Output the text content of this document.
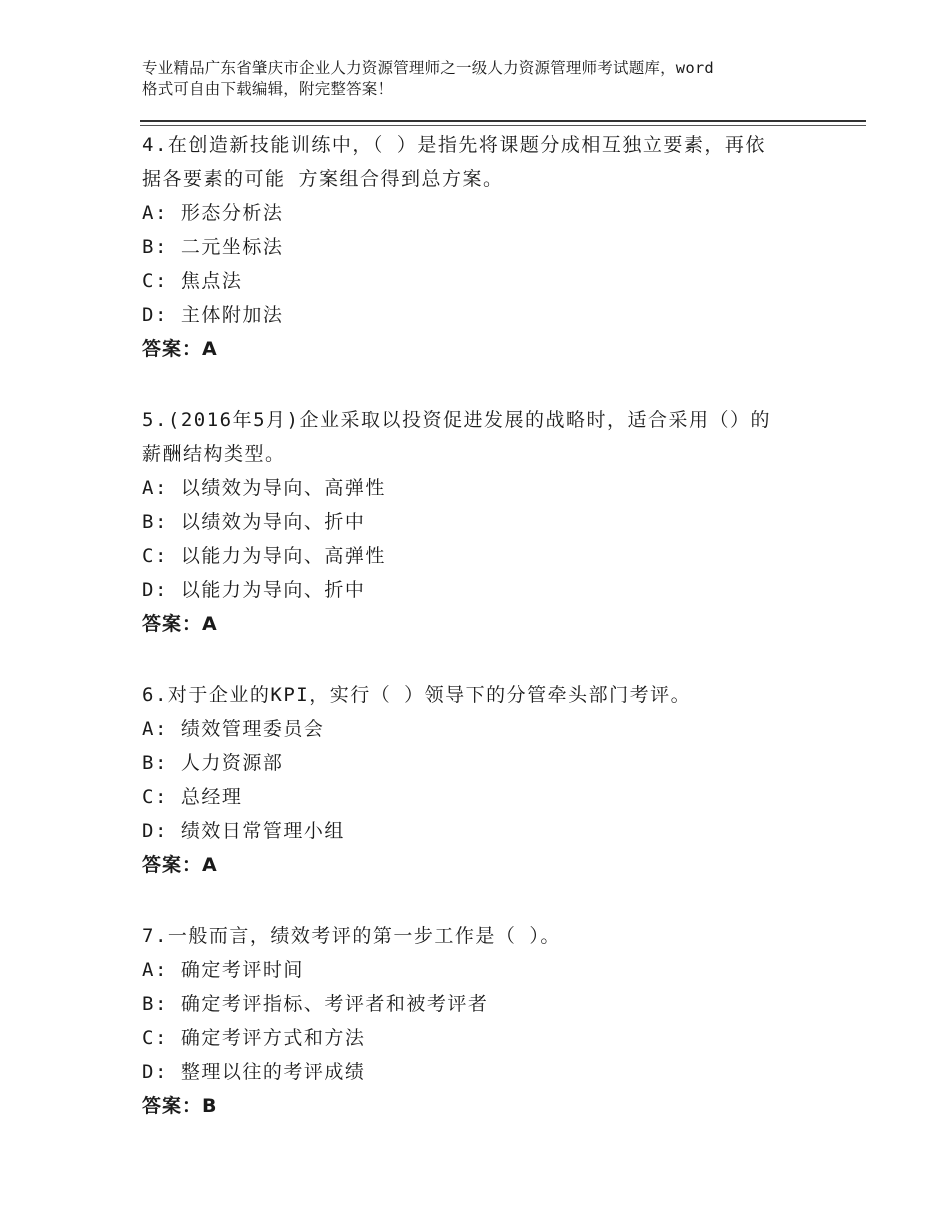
专业精品广东省肇庆市企业人力资源管理师之一级人力资源管理师考试题库，word
格式可自由下载编辑，附完整答案！

4.在创造新技能训练中，（ ）是指先将课题分成相互独立要素，再依

据各要素的可能 方案组合得到总方案。

A: 形态分析法

B: 二元坐标法

C: 焦点法

D: 主体附加法

答案：A

5.(2016年5月)企业采取以投资促进发展的战略时，适合采用（）的

薪酬结构类型。

A: 以绩效为导向、高弹性

B: 以绩效为导向、折中

C: 以能力为导向、高弹性

D: 以能力为导向、折中

答案：A

6.对于企业的KPI，实行（ ）领导下的分管牵头部门考评。

A: 绩效管理委员会

B: 人力资源部

C: 总经理

D: 绩效日常管理小组

答案：A

7.一般而言，绩效考评的第一步工作是（ ）。

A: 确定考评时间

B: 确定考评指标、考评者和被考评者

C: 确定考评方式和方法

D: 整理以往的考评成绩

答案：B
